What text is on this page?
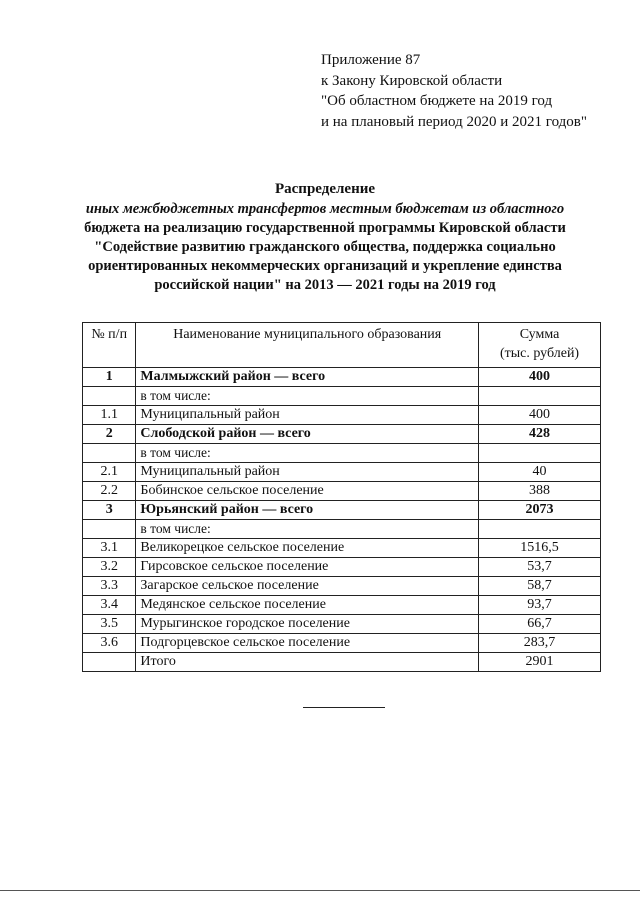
Приложение 87
к Закону Кировской области
"Об областном бюджете на 2019 год
и на плановый период 2020 и 2021 годов"
Распределение
иных межбюджетных трансфертов местным бюджетам из областного
бюджета на реализацию государственной программы Кировской области
"Содействие развитию гражданского общества, поддержка социально
ориентированных некоммерческих организаций и укрепление единства
российской нации" на 2013 — 2021 годы на 2019 год
№ п/п	Наименование муниципального образования	Сумма
(тыс. рублей)

1	Малмыжский район — всего	400
	в том числе:	
1.1	Муниципальный район	400
2	Слободской район — всего	428
	в том числе:	
2.1	Муниципальный район	40
2.2	Бобинское сельское поселение	388
3	Юрьянский район — всего	2073
	в том числе:	
3.1	Великорецкое сельское поселение	1516,5
3.2	Гирсовское сельское поселение	53,7
3.3	Загарское сельское поселение	58,7
3.4	Медянское сельское поселение	93,7
3.5	Мурыгинское городское поселение	66,7
3.6	Подгорцевское сельское поселение	283,7
	Итого	2901
